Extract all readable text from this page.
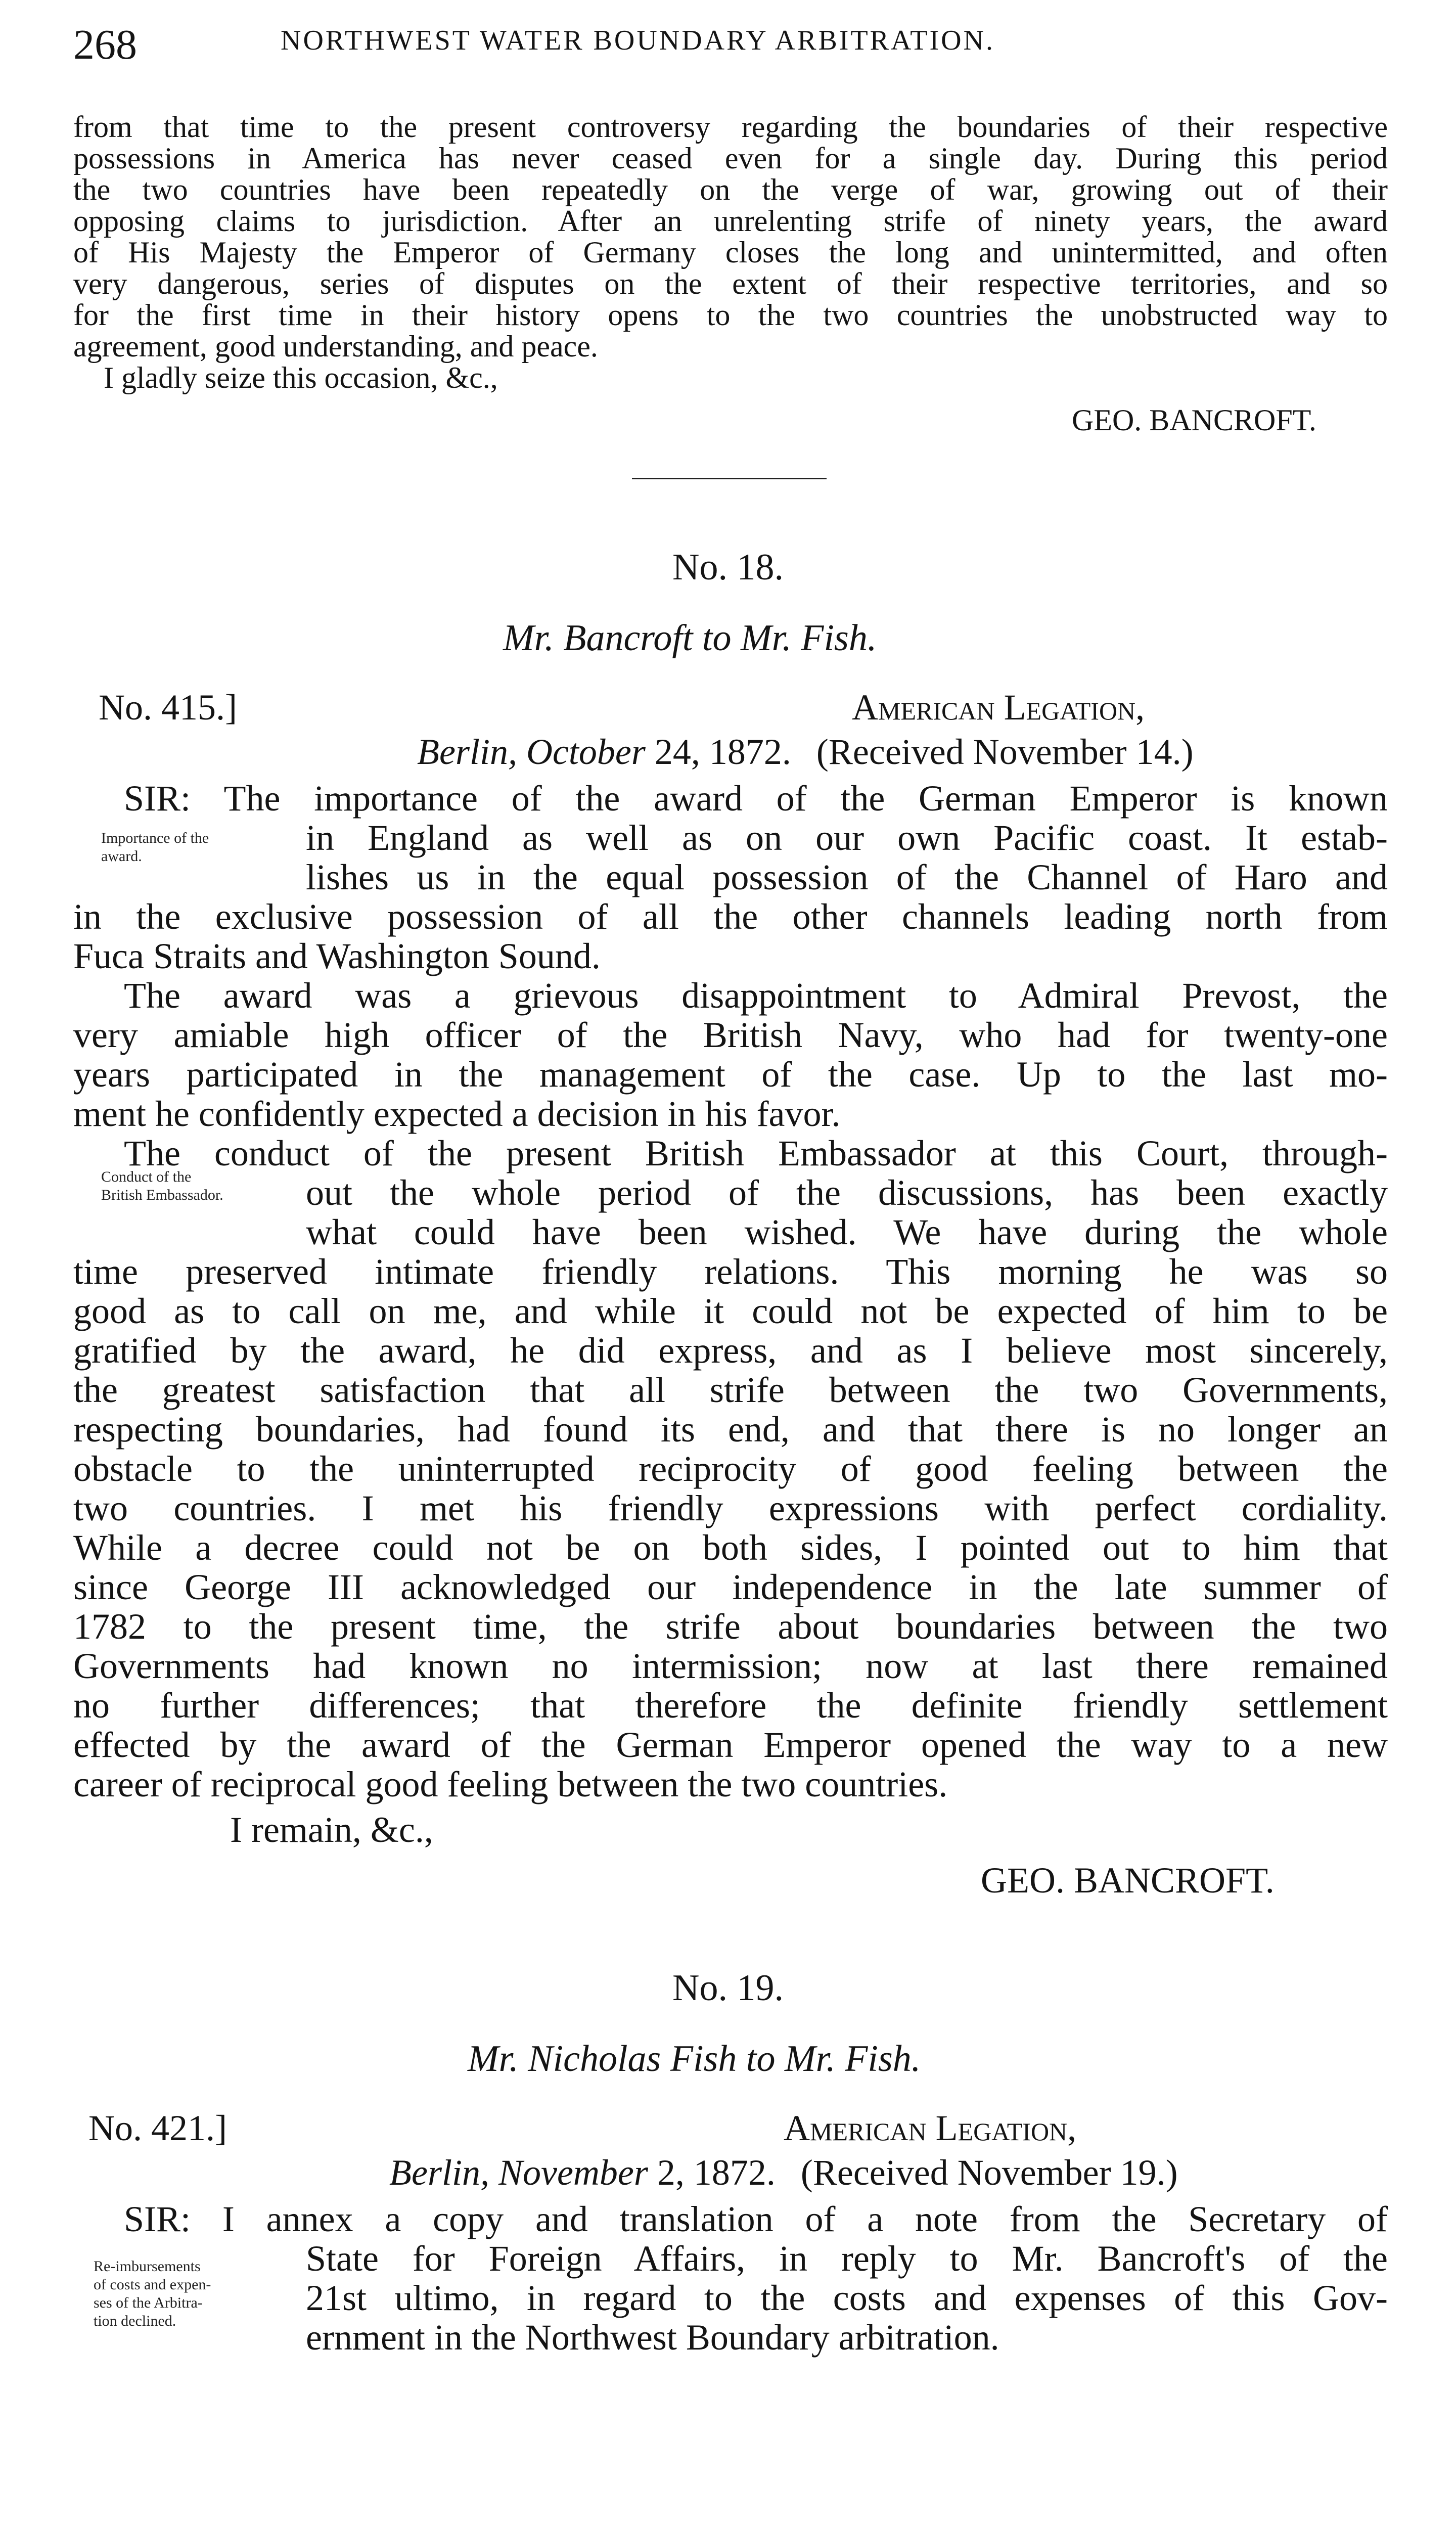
268	NORTHWEST WATER BOUNDARY ARBITRATION.
from that time to the present controversy regarding the boundaries of their respective
possessions in America has never ceased even for a single day. During this period
the two countries have been repeatedly on the verge of war, growing out of their
opposing claims to jurisdiction. After an unrelenting strife of ninety years, the award
of His Majesty the Emperor of Germany closes the long and unintermitted, and often
very dangerous, series of disputes on the extent of their respective territories, and so
for the first time in their history opens to the two countries the unobstructed way to
agreement, good understanding, and peace.
I gladly seize this occasion, &c.,
GEO. BANCROFT.
No. 18.
Mr. Bancroft to Mr. Fish.
No. 415.]	American Legation,
Berlin, October 24, 1872. (Received November 14.)
Importance of the
award.
Conduct of the
British Embassador.
SIR: The importance of the award of the German Emperor is known
in England as well as on our own Pacific coast. It estab-
lishes us in the equal possession of the Channel of Haro and
in the exclusive possession of all the other channels leading north from
Fuca Straits and Washington Sound.
The award was a grievous disappointment to Admiral Prevost, the
very amiable high officer of the British Navy, who had for twenty-one
years participated in the management of the case. Up to the last mo-
ment he confidently expected a decision in his favor.
The conduct of the present British Embassador at this Court, through-
out the whole period of the discussions, has been exactly
what could have been wished. We have during the whole
time preserved intimate friendly relations. This morning he was so
good as to call on me, and while it could not be expected of him to be
gratified by the award, he did express, and as I believe most sincerely,
the greatest satisfaction that all strife between the two Governments,
respecting boundaries, had found its end, and that there is no longer an
obstacle to the uninterrupted reciprocity of good feeling between the
two countries. I met his friendly expressions with perfect cordiality.
While a decree could not be on both sides, I pointed out to him that
since George III acknowledged our independence in the late summer of
1782 to the present time, the strife about boundaries between the two
Governments had known no intermission; now at last there remained
no further differences; that therefore the definite friendly settlement
effected by the award of the German Emperor opened the way to a new
career of reciprocal good feeling between the two countries.
I remain, &c.,
GEO. BANCROFT.
No. 19.
Mr. Nicholas Fish to Mr. Fish.
No. 421.]	American Legation,
Berlin, November 2, 1872. (Received November 19.)
Re-imbursements
of costs and expen-
ses of the Arbitra-
tion declined.
SIR: I annex a copy and translation of a note from the Secretary of
State for Foreign Affairs, in reply to Mr. Bancroft's of the
21st ultimo, in regard to the costs and expenses of this Gov-
ernment in the Northwest Boundary arbitration.
